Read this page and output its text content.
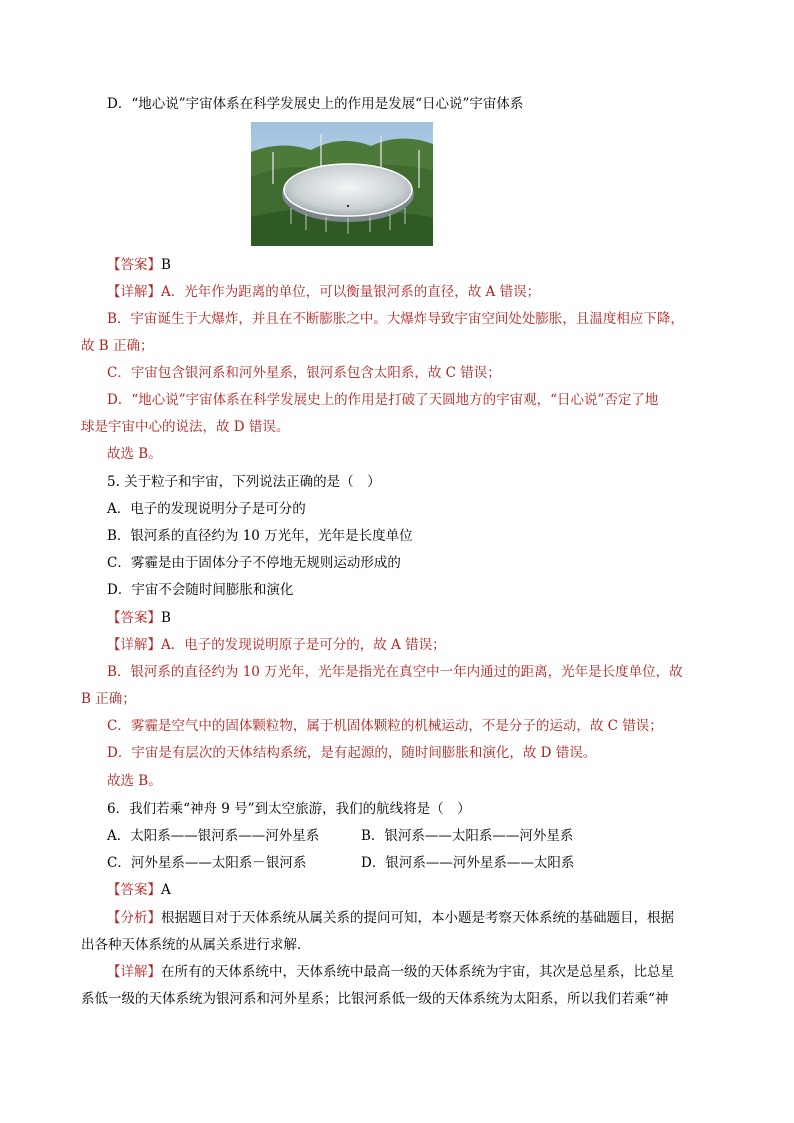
D．“地心说”宇宙体系在科学发展史上的作用是发展“日心说”宇宙体系
【答案】B
【详解】A．光年作为距离的单位，可以衡量银河系的直径，故 A 错误；
B．宇宙诞生于大爆炸，并且在不断膨胀之中。大爆炸导致宇宙空间处处膨胀，且温度相应下降，
故 B 正确；
C．宇宙包含银河系和河外星系，银河系包含太阳系，故 C 错误；
D．“地心说”宇宙体系在科学发展史上的作用是打破了天圆地方的宇宙观，“日心说”否定了地
球是宇宙中心的说法，故 D 错误。
故选 B。
5. 关于粒子和宇宙，下列说法正确的是（　）
A．电子的发现说明分子是可分的
B．银河系的直径约为 10 万光年，光年是长度单位
C．雾霾是由于固体分子不停地无规则运动形成的
D．宇宙不会随时间膨胀和演化
【答案】B
【详解】A．电子的发现说明原子是可分的，故 A 错误；
B．银河系的直径约为 10 万光年，光年是指光在真空中一年内通过的距离，光年是长度单位，故
B 正确；
C．雾霾是空气中的固体颗粒物，属于机固体颗粒的机械运动，不是分子的运动，故 C 错误；
D．宇宙是有层次的天体结构系统，是有起源的，随时间膨胀和演化，故 D 错误。
故选 B。
6．我们若乘“神舟 9 号”到太空旅游，我们的航线将是（　）
A．太阳系——银河系——河外星系	B．银河系——太阳系——河外星系
C．河外星系——太阳系－银河系	D．银河系——河外星系——太阳系
【答案】A
【分析】根据题目对于天体系统从属关系的提问可知，本小题是考察天体系统的基础题目，根据
出各种天体系统的从属关系进行求解．
【详解】在所有的天体系统中，天体系统中最高一级的天体系统为宇宙，其次是总星系，比总星
系低一级的天体系统为银河系和河外星系；比银河系低一级的天体系统为太阳系，所以我们若乘“神
